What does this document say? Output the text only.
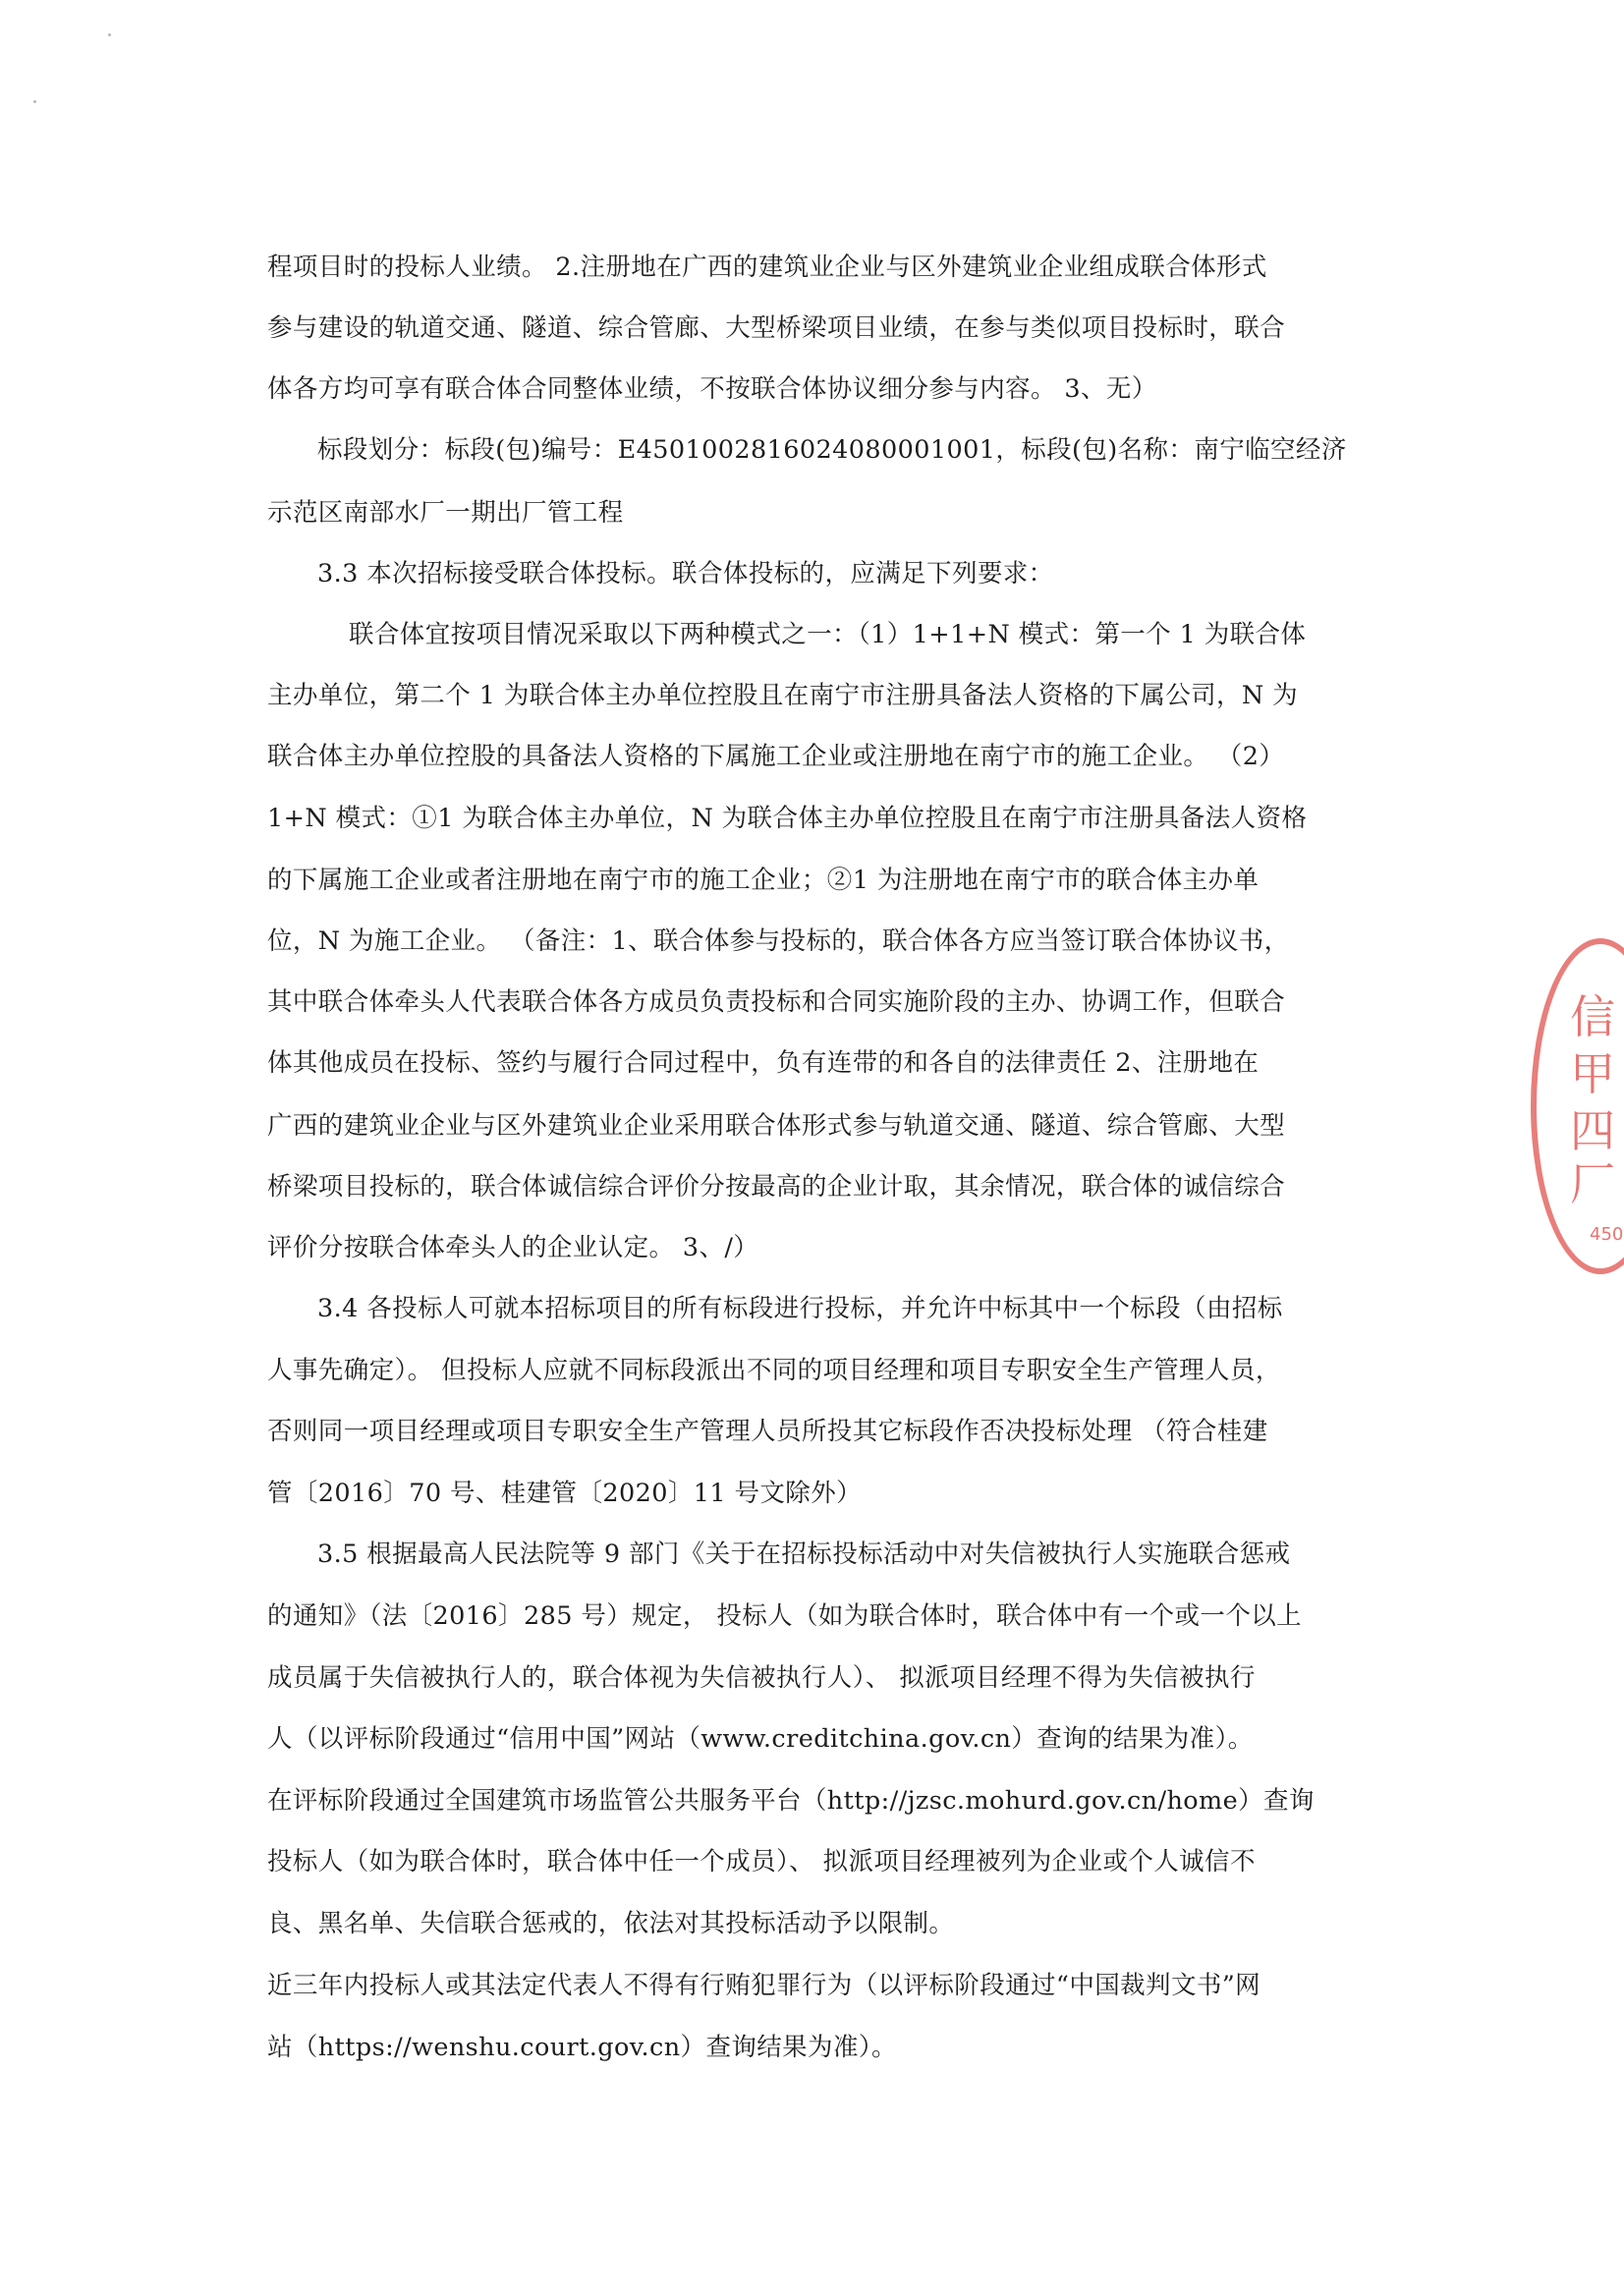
程项目时的投标人业绩。 2.注册地在广西的建筑业企业与区外建筑业企业组成联合体形式

参与建设的轨道交通、隧道、综合管廊、大型桥梁项目业绩，在参与类似项目投标时，联合

体各方均可享有联合体合同整体业绩，不按联合体协议细分参与内容。 3、无）

标段划分：标段(包)编号：E4501002816024080001001，标段(包)名称：南宁临空经济

示范区南部水厂一期出厂管工程

3.3 本次招标接受联合体投标。联合体投标的，应满足下列要求：

联合体宜按项目情况采取以下两种模式之一：（1）1+1+N 模式：第一个 1 为联合体

主办单位，第二个 1 为联合体主办单位控股且在南宁市注册具备法人资格的下属公司，N 为

联合体主办单位控股的具备法人资格的下属施工企业或注册地在南宁市的施工企业。 （2）

1+N 模式：①1 为联合体主办单位，N 为联合体主办单位控股且在南宁市注册具备法人资格

的下属施工企业或者注册地在南宁市的施工企业；②1 为注册地在南宁市的联合体主办单

位，N 为施工企业。 （备注：1、联合体参与投标的，联合体各方应当签订联合体协议书，

其中联合体牵头人代表联合体各方成员负责投标和合同实施阶段的主办、协调工作，但联合

体其他成员在投标、签约与履行合同过程中，负有连带的和各自的法律责任 2、注册地在

广西的建筑业企业与区外建筑业企业采用联合体形式参与轨道交通、隧道、综合管廊、大型

桥梁项目投标的，联合体诚信综合评价分按最高的企业计取，其余情况，联合体的诚信综合

评价分按联合体牵头人的企业认定。 3、/）

3.4 各投标人可就本招标项目的所有标段进行投标，并允许中标其中一个标段（由招标

人事先确定）。 但投标人应就不同标段派出不同的项目经理和项目专职安全生产管理人员，

否则同一项目经理或项目专职安全生产管理人员所投其它标段作否决投标处理 （符合桂建

管〔2016〕70 号、桂建管〔2020〕11 号文除外）

3.5 根据最高人民法院等 9 部门《关于在招标投标活动中对失信被执行人实施联合惩戒

的通知》（法〔2016〕285 号）规定， 投标人（如为联合体时，联合体中有一个或一个以上

成员属于失信被执行人的，联合体视为失信被执行人）、 拟派项目经理不得为失信被执行

人（以评标阶段通过“信用中国”网站（www.creditchina.gov.cn）查询的结果为准）。

在评标阶段通过全国建筑市场监管公共服务平台（http://jzsc.mohurd.gov.cn/home）查询

投标人（如为联合体时，联合体中任一个成员）、 拟派项目经理被列为企业或个人诚信不

良、黑名单、失信联合惩戒的，依法对其投标活动予以限制。

近三年内投标人或其法定代表人不得有行贿犯罪行为（以评标阶段通过“中国裁判文书”网

站（https://wenshu.court.gov.cn）查询结果为准）。

信
甲
四
厂
450
